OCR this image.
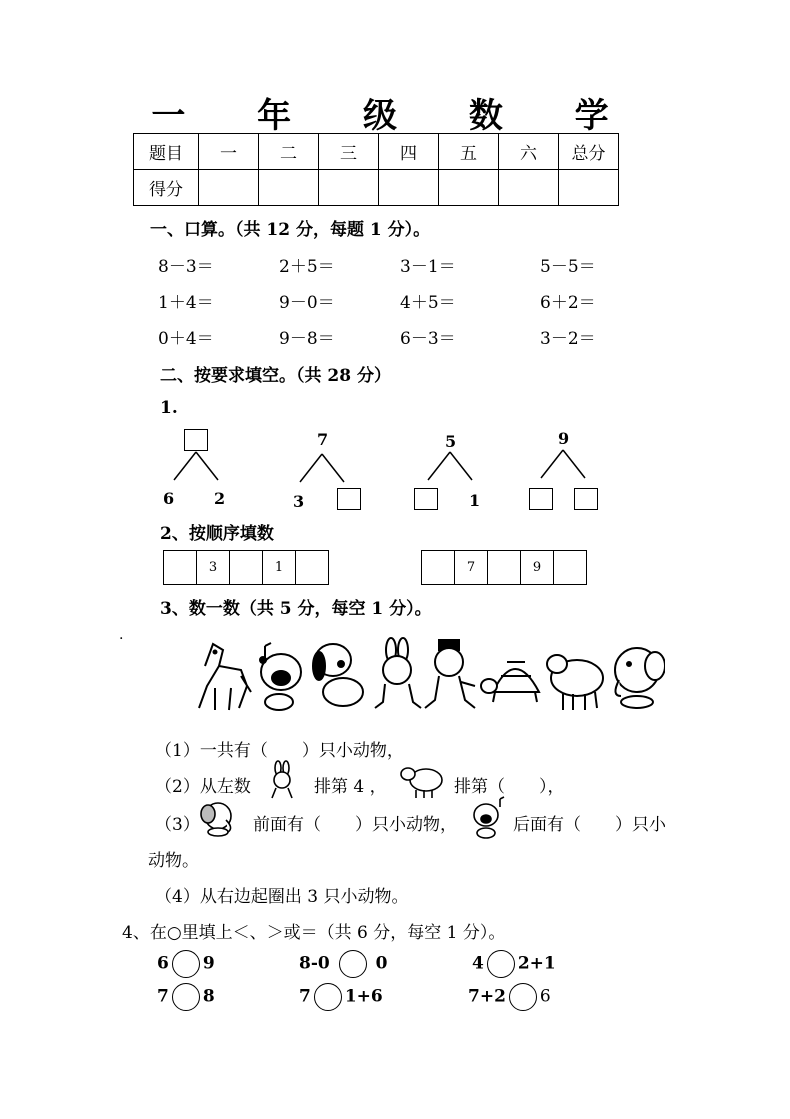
一 年 级 数 学
题目	一	二	三	四	五	六	总分
得分							
一、口算。（共 12 分，每题 1 分）。
8－3＝	2＋5＝	3－1＝	5－5＝
1＋4＝	9－0＝	4＋5＝	6＋2＝
0＋4＝	9－8＝	6－3＝	3－2＝
二、按要求填空。（共 28 分）
1.
6 2
7
3
5
1
9
2、按顺序填数
	3		1	
		7		9	
3、数一数（共 5 分，每空 1 分）。
.
（1）一共有（　　）只小动物，
（2）从左数	排第 4 ，	排第（　　），
（3）	前面有（　　）只小动物，	后面有（　　）只小
动物。
（4）从右边起圈出 3 只小动物。
4、在○里填上＜、＞或＝（共 6 分，每空 1 分）。
6 9	8-0	0	4 2+1
7 8	7 1+6	7+2 6
